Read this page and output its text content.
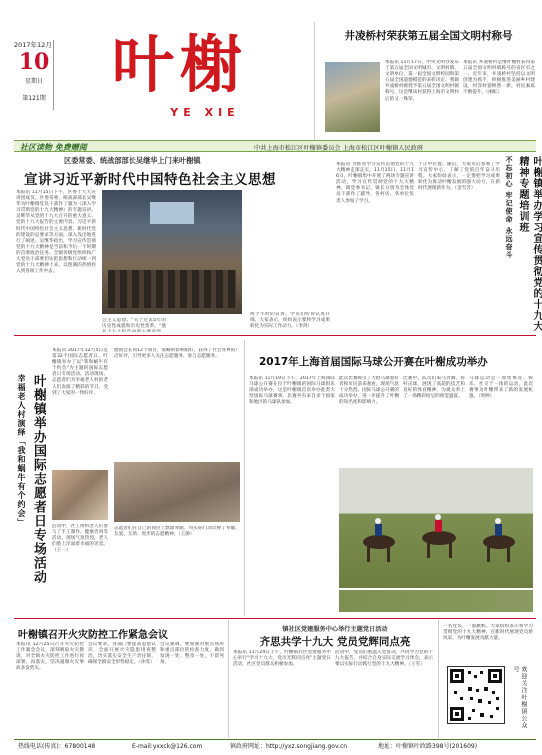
2017年12月
10
星期日
第121期 叶榭
YE XIE
井凌桥村荣获第五届全国文明村称号
本报讯 11月17日，中央文明办发布了第五届全国文明城市、文明村镇、文明单位，第一届全国文明校园和第五届全国道德模范的表彰决定。我镇井凌桥村被授予第五届全国文明村镇称号，这是继该村获得上海市文明村后的又一殊荣。
本报讯 井凌桥村是继叶榭村获得第五届全国文明村镇称号的省区市之一。近年来，井凌桥村坚持以文明创建为抓手，积极推进美丽乡村建设，村容村貌焕然一新，村民素质不断提升。（丽虹）
社区读物 免费赠阅	中共上海市松江区叶榭镇委员会 上海市松江区叶榭镇人民政府
区委常委、统战部部长吴继华上门来叶榭镇
宣讲习近平新时代中国特色社会主义思想
本报讯 11月15日下午，区委十九大宣讲团成员、区委常委、统战部部长吴继华为叶榭镇党员干部作了题为《深入学习贯彻党的十九大精神》的专题宣讲。吴继华从党的十九大召开的重大意义、党的十九大报告的主要内容、习近平新时代中国特色社会主义思想、新时代党的建设的总要求等方面，深入浅出地进行了阐述。吴继华指出，学习宣传贯彻党的十九大精神是当前和今后一个时期的首要政治任务。全镇各级党组织和广大党员干部要切实把思想和行动统一到党的十九大精神上来，以饱满的热情投入到各项工作中去。
会主义思想。"关于过去5年的历史性成就和历史性变革，"他
两个小时的宣讲，学员们听得认真仔细，大家表示，纷纷表示要将学习成果转化为实际工作动力。（李剑）
本报讯 为推进学习宣传贯彻党的十九大精神走深走实，11月15日、11月16日，叶榭镇集中开展了两场专题宣讲活动，学习宣传贯彻党的十九大精神，镇党委书记、镇长分别为全体党员干部作了辅导，各村居、各单位负责人参加了学习。
于正中位置。随后，大家先后参观了学习宣传中心，了解了党的百年奋斗历程。大家纷纷表示，一定要把学习成果转化为推动叶榭发展的强大动力，在新时代展现新作为。（金雪芳）	叶榭镇举办学习宣传贯彻党的十九大精神专题培训班
不忘初心 牢记使命 永远奋斗
叶榭镇举办国际志愿者日专场活动
幸福老人村演绎「我和蜗牛有个约会」
本报讯 2017年12月5日是第32个国际志愿者日，叶榭镇举办了以"我和蜗牛有个约会"为主题的国际志愿者日专场活动。活动现场，志愿者们为幸福老人村的老人们表演了精彩的节目，受到了大家的一致好评。
活动中，社工组织老人们参与了手工制作、健康咨询等活动，现场气氛热烈，老人们脸上洋溢着幸福的笑容。（王一）
德国会长同12个项目，策略的影响很好，获得了社会各界的广泛好评，引导更多人关注志愿服务、参与志愿服务。
志愿者们在自己的岗位上默默奉献，用实际行动诠释了奉献、友爱、互助、进步的志愿精神。（王静）
2017年上海首届国际马球公开赛在叶榭成功举办
本报讯 11月19日下午，2017年上海国际马球公开赛在位于叶榭镇的国际马球俱乐部成功举办，这是叶榭镇首次举办此类大型国际马球赛事。比赛共有来自多个国家和地区的马球队参加。
此次比赛吸引了大批马球爱好者和市民前来观看，现场气氛十分热烈。国际马球公开赛的成功举办，进一步提升了叶榭的知名度和影响力。
比赛中，队员们策马奔腾，挥杆击球，展现了高超的技艺和良好的体育精神，为观众奉上了一场精彩纷呈的视觉盛宴。
马球运动是一项集体育、娱乐、社交于一体的运动，此次赛事为叶榭带来了新的发展机遇。（周婷）
叶榭镇召开火灾防控工作紧急会议
本报讯 12月25日召开火灾防控工作紧急会议，深刻吸取火灾教训，对全镇火灾防控工作进行再部署、再落实，坚决遏制火灾事故多发势头。
会议要求，各部门要提高思想认识，全面开展火灾隐患排查整治，切实落实安全生产责任制，确保全镇安全形势稳定。（孙雯）
会议强调，要加强对重点场所和重点部位的检查力度，做到发现一处、整改一处，不留死角。
镇社区党建服务中心举行主题党日活动
齐思共学十九大 党员党辉同点亮
本报讯 11月24日上午，叶榭镇社区党建服务中心举行"学习十九大，党员光辉同点亮"主题党日活动，社区党员群众积极参加。
活动中，党员们重温入党誓词，共同学习党的十九大报告，并结合自身实际交流学习体会，表示要以实际行动践行党的十九大精神。（王雪）
一名党员，一面旗帜。大家纷纷表示将学习贯彻党的十九大精神，在新时代展现党员新风采，为叶榭发展贡献力量。
欢迎关注叶榭镇公众号
热线电话(传真)：67800148	E-mail:yxxck@126.com	镇政府网址：http://yxz.songjiang.gov.cn	地址：叶榭镇叶政路398号(201609)
